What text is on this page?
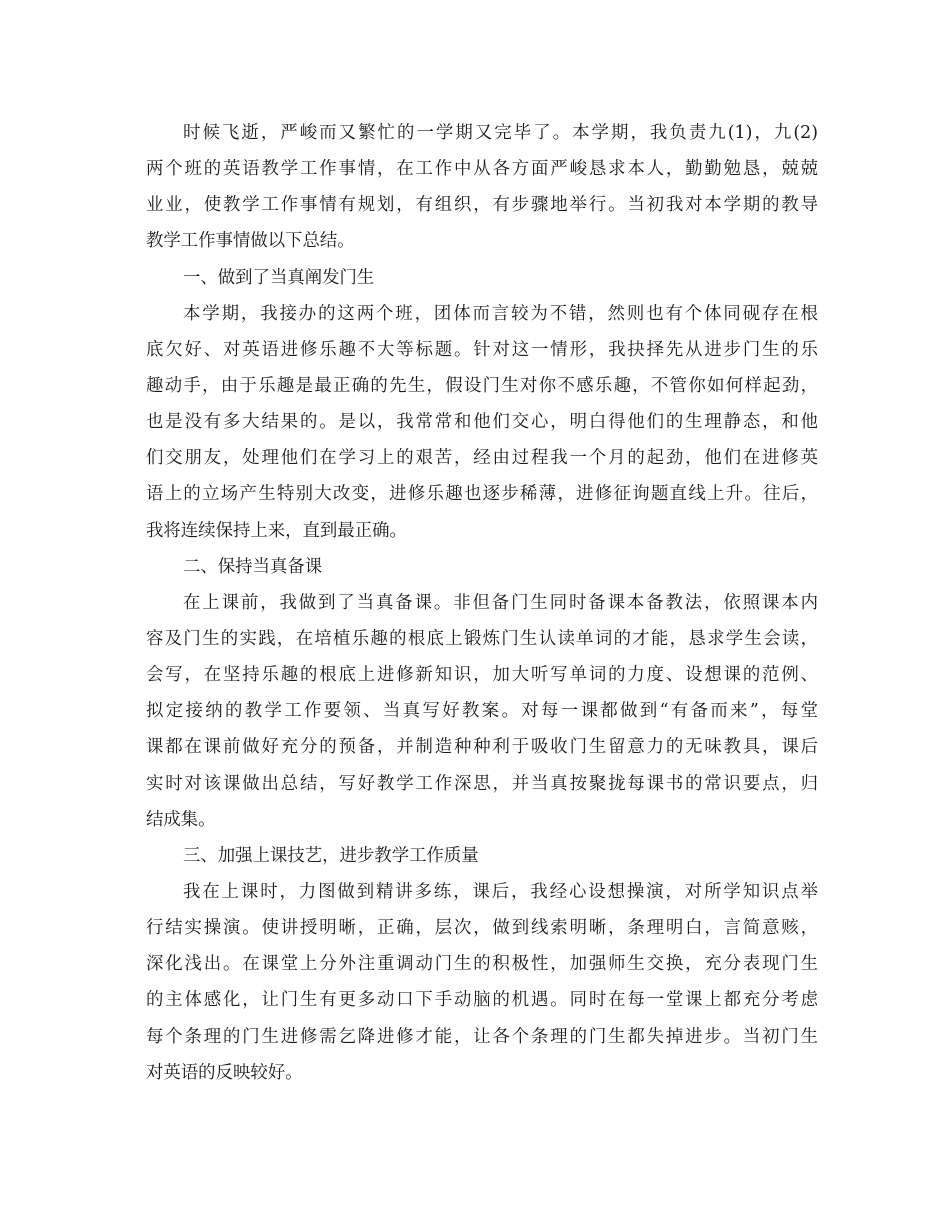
时候飞逝，严峻而又繁忙的一学期又完毕了。本学期，我负责九(1)，九(2)
两个班的英语教学工作事情，在工作中从各方面严峻恳求本人，勤勤勉恳，兢兢
业业，使教学工作事情有规划，有组织，有步骤地举行。当初我对本学期的教导
教学工作事情做以下总结。
一、做到了当真阐发门生
本学期，我接办的这两个班，团体而言较为不错，然则也有个体同砚存在根
底欠好、对英语进修乐趣不大等标题。针对这一情形，我抉择先从进步门生的乐
趣动手，由于乐趣是最正确的先生，假设门生对你不感乐趣，不管你如何样起劲，
也是没有多大结果的。是以，我常常和他们交心，明白得他们的生理静态，和他
们交朋友，处理他们在学习上的艰苦，经由过程我一个月的起劲，他们在进修英
语上的立场产生特别大改变，进修乐趣也逐步稀薄，进修征询题直线上升。往后，
我将连续保持上来，直到最正确。
二、保持当真备课
在上课前，我做到了当真备课。非但备门生同时备课本备教法，依照课本内
容及门生的实践，在培植乐趣的根底上锻炼门生认读单词的才能，恳求学生会读，
会写，在坚持乐趣的根底上进修新知识，加大听写单词的力度、设想课的范例、
拟定接纳的教学工作要领、当真写好教案。对每一课都做到“有备而来”，每堂
课都在课前做好充分的预备，并制造种种利于吸收门生留意力的无味教具，课后
实时对该课做出总结，写好教学工作深思，并当真按聚拢每课书的常识要点，归
结成集。
三、加强上课技艺，进步教学工作质量
我在上课时，力图做到精讲多练，课后，我经心设想操演，对所学知识点举
行结实操演。使讲授明晰，正确，层次，做到线索明晰，条理明白，言简意赅，
深化浅出。在课堂上分外注重调动门生的积极性，加强师生交换，充分表现门生
的主体感化，让门生有更多动口下手动脑的机遇。同时在每一堂课上都充分考虑
每个条理的门生进修需乞降进修才能，让各个条理的门生都失掉进步。当初门生
对英语的反映较好。
